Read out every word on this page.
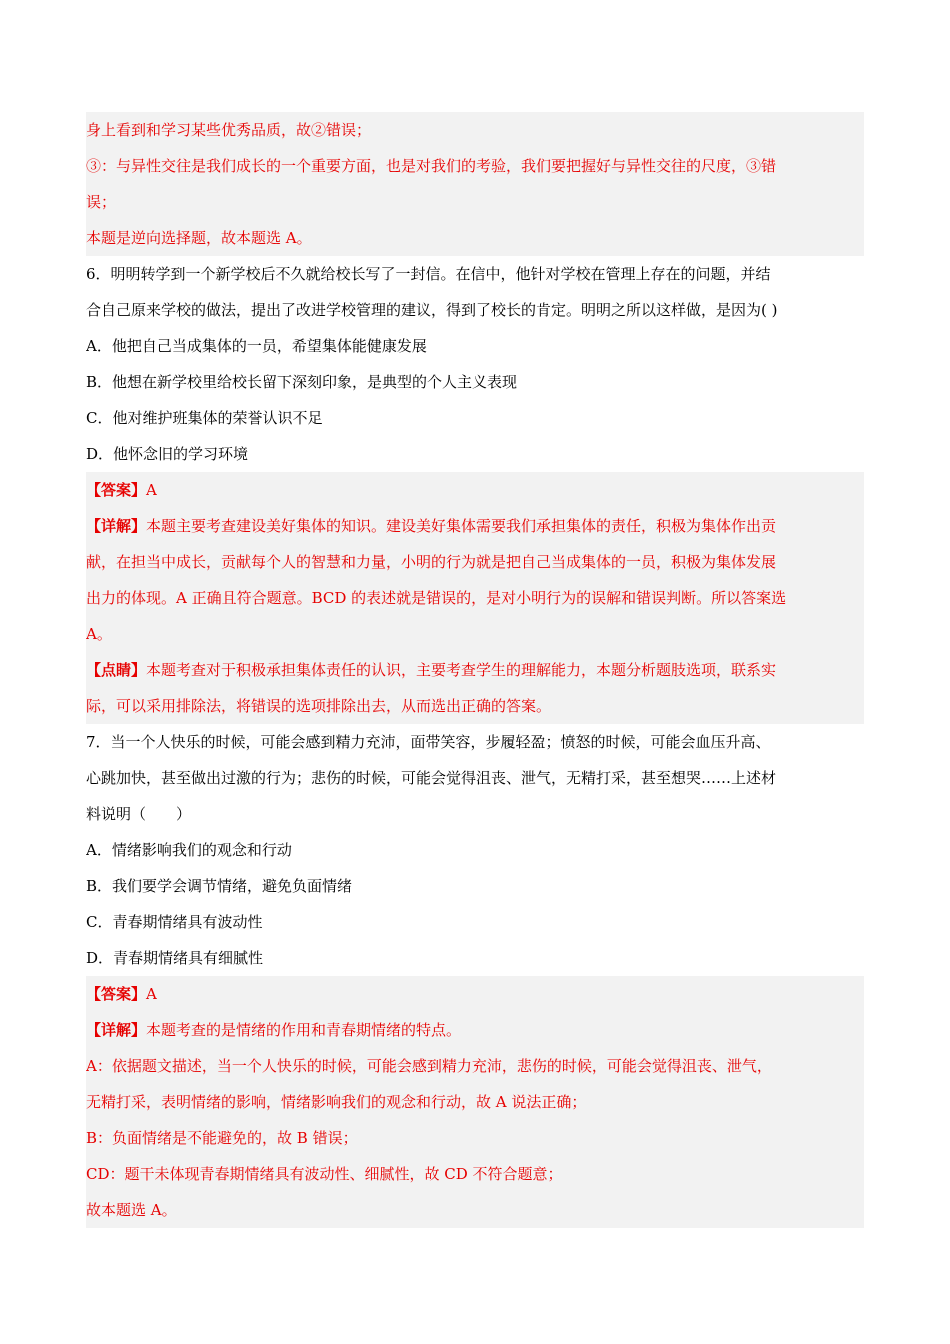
身上看到和学习某些优秀品质，故②错误；
③：与异性交往是我们成长的一个重要方面，也是对我们的考验，我们要把握好与异性交往的尺度，③错
误；
本题是逆向选择题，故本题选 A。
6．明明转学到一个新学校后不久就给校长写了一封信。在信中，他针对学校在管理上存在的问题，并结
合自己原来学校的做法，提出了改进学校管理的建议，得到了校长的肯定。明明之所以这样做，是因为( )
A．他把自己当成集体的一员，希望集体能健康发展
B．他想在新学校里给校长留下深刻印象，是典型的个人主义表现
C．他对维护班集体的荣誉认识不足
D．他怀念旧的学习环境
【答案】A
【详解】本题主要考查建设美好集体的知识。建设美好集体需要我们承担集体的责任，积极为集体作出贡
献，在担当中成长，贡献每个人的智慧和力量，小明的行为就是把自己当成集体的一员，积极为集体发展
出力的体现。A 正确且符合题意。BCD 的表述就是错误的，是对小明行为的误解和错误判断。所以答案选
A。
【点睛】本题考查对于积极承担集体责任的认识，主要考查学生的理解能力，本题分析题肢选项，联系实
际，可以采用排除法，将错误的选项排除出去，从而选出正确的答案。
7．当一个人快乐的时候，可能会感到精力充沛，面带笑容，步履轻盈；愤怒的时候，可能会血压升高、
心跳加快，甚至做出过激的行为；悲伤的时候，可能会觉得沮丧、泄气，无精打采，甚至想哭……上述材
料说明（　　）
A．情绪影响我们的观念和行动
B．我们要学会调节情绪，避免负面情绪
C．青春期情绪具有波动性
D．青春期情绪具有细腻性
【答案】A
【详解】本题考查的是情绪的作用和青春期情绪的特点。
A：依据题文描述，当一个人快乐的时候，可能会感到精力充沛，悲伤的时候，可能会觉得沮丧、泄气，
无精打采，表明情绪的影响，情绪影响我们的观念和行动，故 A 说法正确；
B：负面情绪是不能避免的，故 B 错误；
CD：题干未体现青春期情绪具有波动性、细腻性，故 CD 不符合题意；
故本题选 A。
